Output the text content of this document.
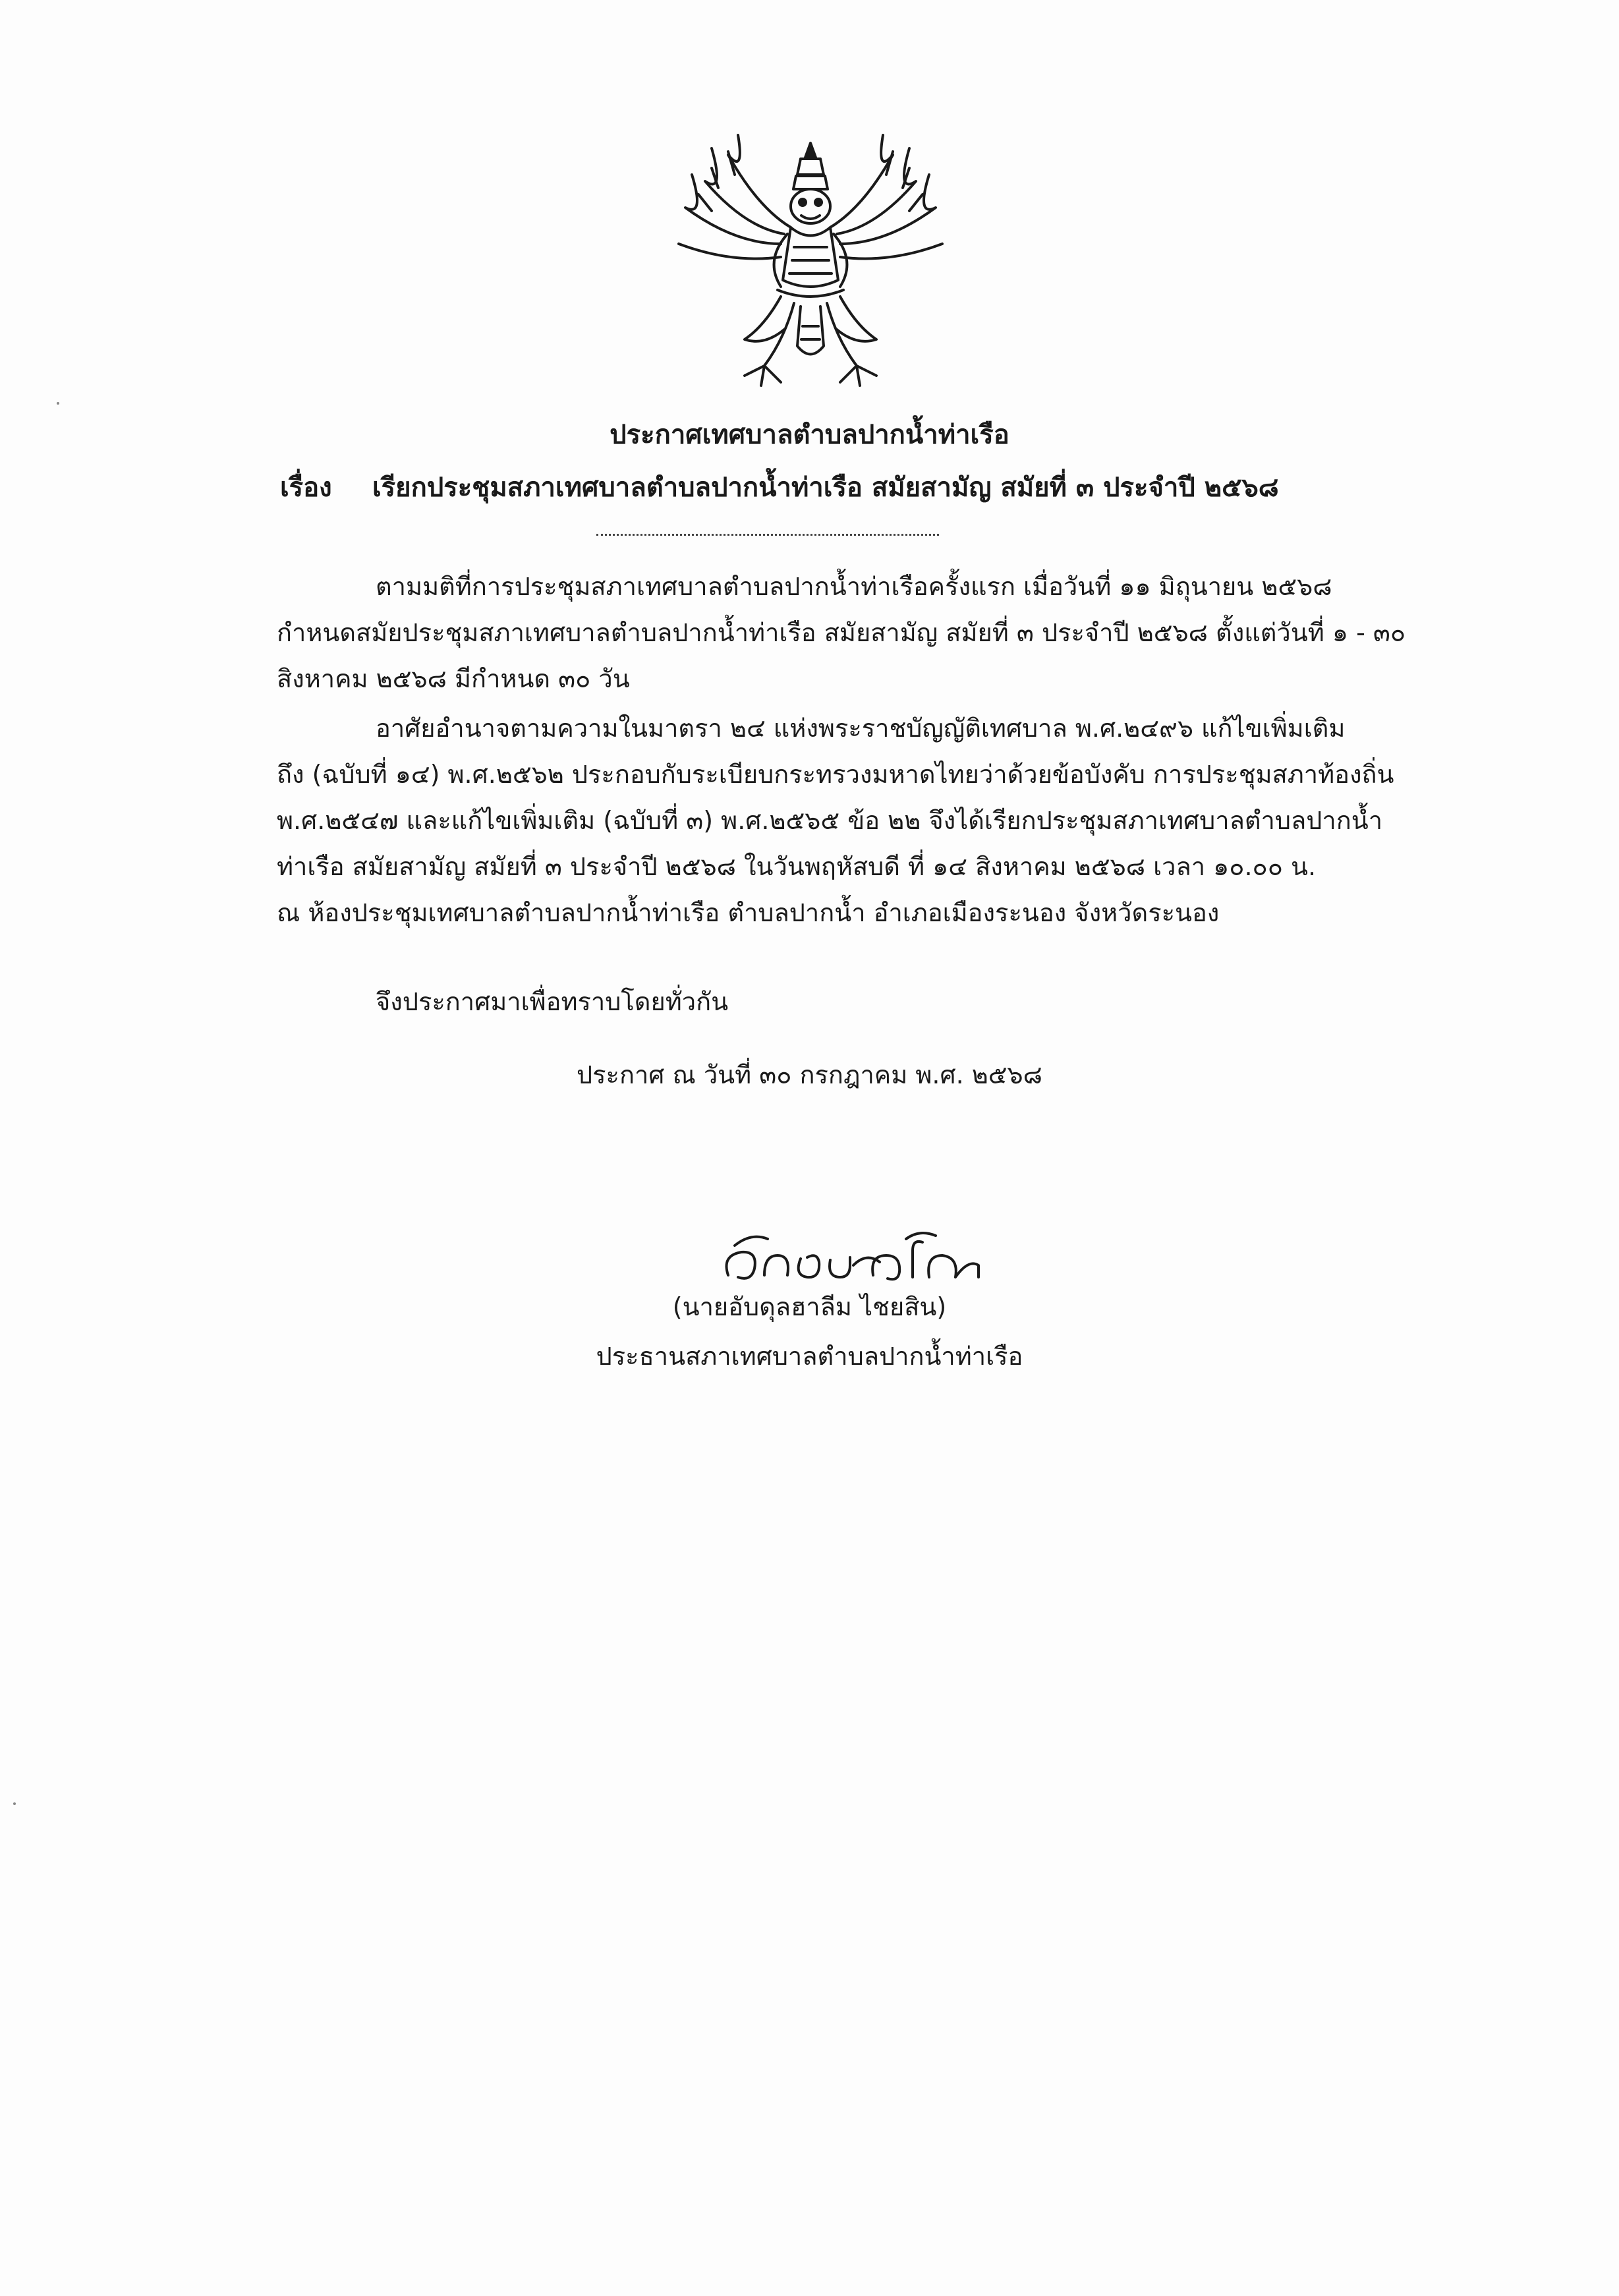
ประกาศเทศบาลตำบลปากน้ำท่าเรือ
เรื่อง เรียกประชุมสภาเทศบาลตำบลปากน้ำท่าเรือ สมัยสามัญ สมัยที่ ๓ ประจำปี ๒๕๖๘
ตามมติที่การประชุมสภาเทศบาลตำบลปากน้ำท่าเรือครั้งแรก เมื่อวันที่ ๑๑ มิถุนายน ๒๕๖๘
กำหนดสมัยประชุมสภาเทศบาลตำบลปากน้ำท่าเรือ สมัยสามัญ สมัยที่ ๓ ประจำปี ๒๕๖๘ ตั้งแต่วันที่ ๑ - ๓๐
สิงหาคม ๒๕๖๘ มีกำหนด ๓๐ วัน
อาศัยอำนาจตามความในมาตรา ๒๔ แห่งพระราชบัญญัติเทศบาล พ.ศ.๒๔๙๖ แก้ไขเพิ่มเติม
ถึง (ฉบับที่ ๑๔) พ.ศ.๒๕๖๒ ประกอบกับระเบียบกระทรวงมหาดไทยว่าด้วยข้อบังคับ การประชุมสภาท้องถิ่น
พ.ศ.๒๕๔๗ และแก้ไขเพิ่มเติม (ฉบับที่ ๓) พ.ศ.๒๕๖๕ ข้อ ๒๒ จึงได้เรียกประชุมสภาเทศบาลตำบลปากน้ำ
ท่าเรือ สมัยสามัญ สมัยที่ ๓ ประจำปี ๒๕๖๘ ในวันพฤหัสบดี ที่ ๑๔ สิงหาคม ๒๕๖๘ เวลา ๑๐.๐๐ น.
ณ ห้องประชุมเทศบาลตำบลปากน้ำท่าเรือ ตำบลปากน้ำ อำเภอเมืองระนอง จังหวัดระนอง
จึงประกาศมาเพื่อทราบโดยทั่วกัน
ประกาศ ณ วันที่ ๓๐ กรกฎาคม พ.ศ. ๒๕๖๘
(นายอับดุลฮาลีม ไชยสิน)
ประธานสภาเทศบาลตำบลปากน้ำท่าเรือ
